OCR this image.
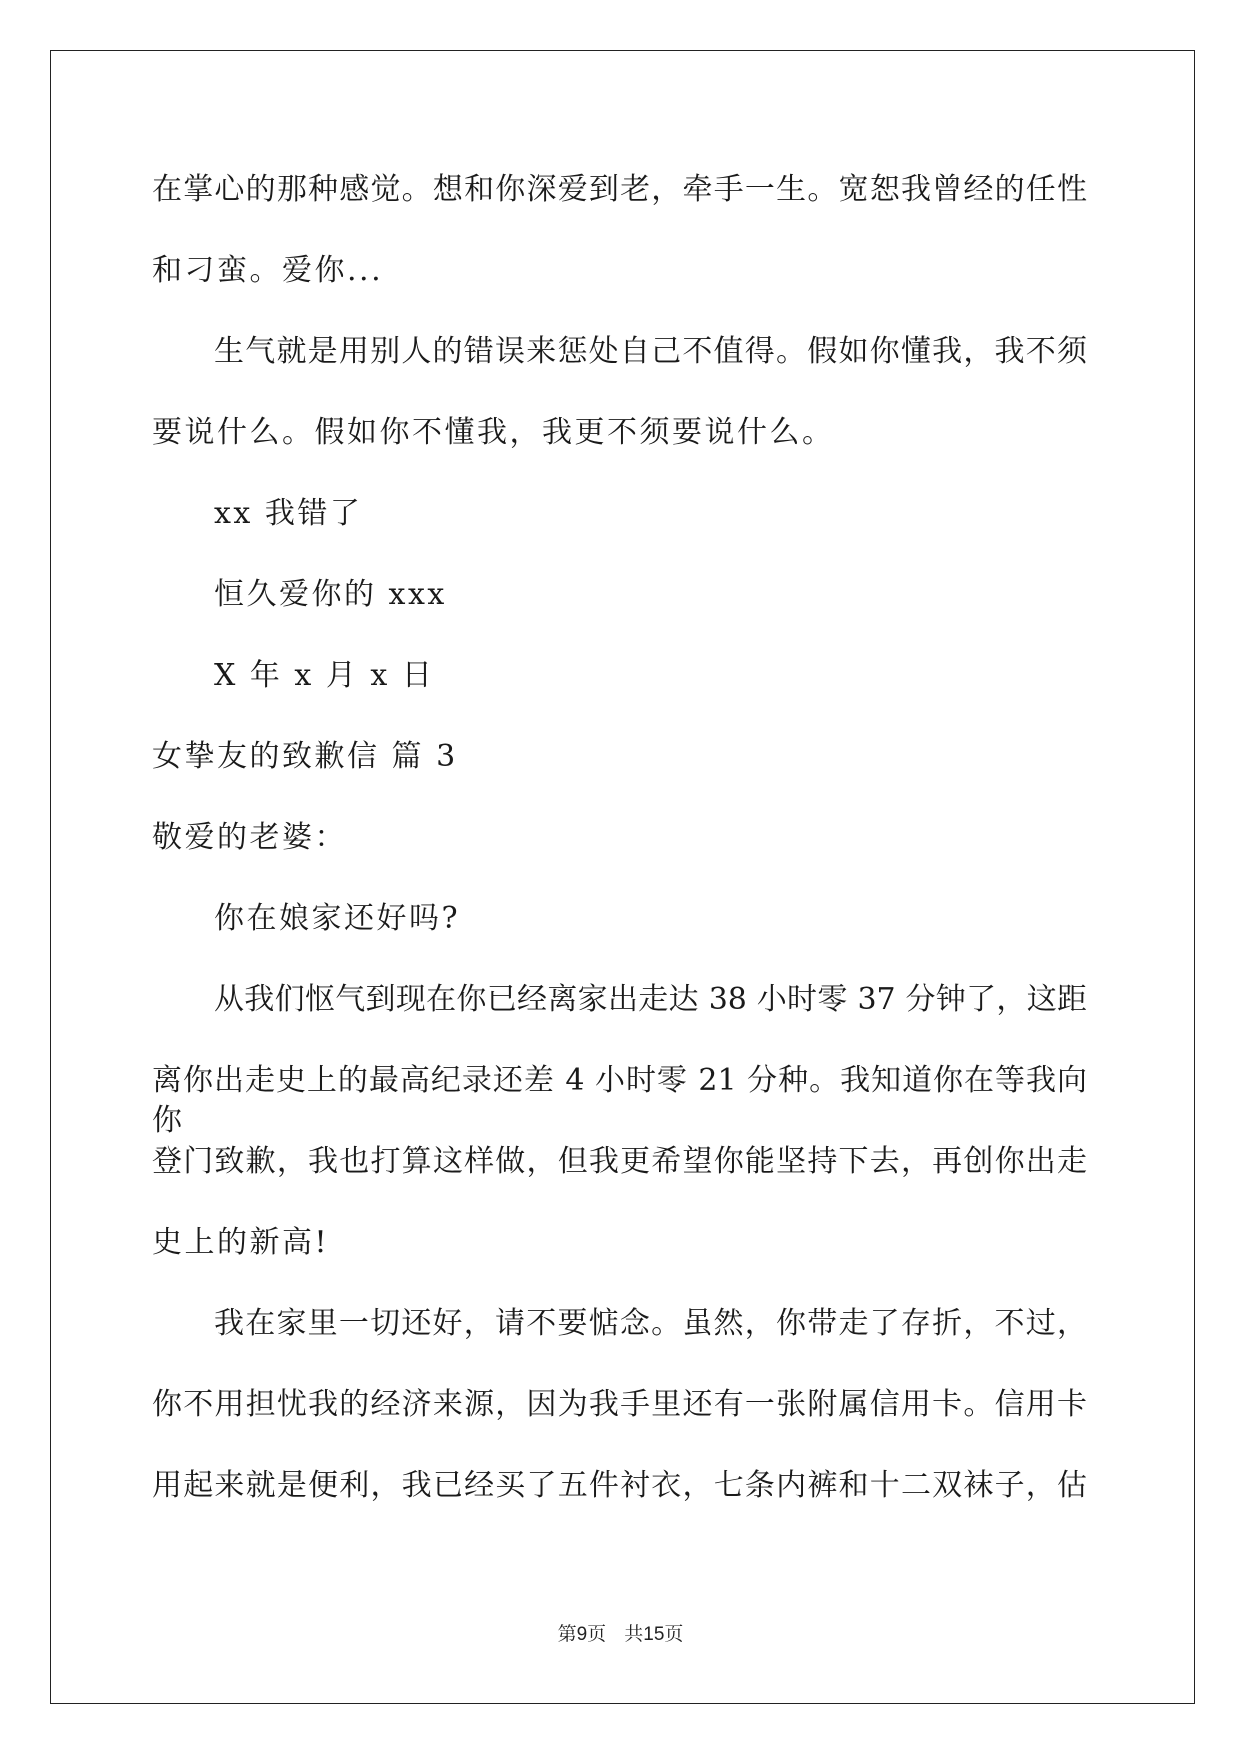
在掌心的那种感觉。想和你深爱到老，牵手一生。宽恕我曾经的任性
和刁蛮。爱你...
生气就是用别人的错误来惩处自己不值得。假如你懂我，我不须
要说什么。假如你不懂我，我更不须要说什么。
xx 我错了
恒久爱你的 xxx
X 年 x 月 x 日
女挚友的致歉信 篇 3
敬爱的老婆：
你在娘家还好吗?
从我们怄气到现在你已经离家出走达 38 小时零 37 分钟了，这距
离你出走史上的最高纪录还差 4 小时零 21 分种。我知道你在等我向你
登门致歉，我也打算这样做，但我更希望你能坚持下去，再创你出走
史上的新高!
我在家里一切还好，请不要惦念。虽然，你带走了存折，不过，
你不用担忧我的经济来源，因为我手里还有一张附属信用卡。信用卡
用起来就是便利，我已经买了五件衬衣，七条内裤和十二双袜子，估
第9页   共15页
